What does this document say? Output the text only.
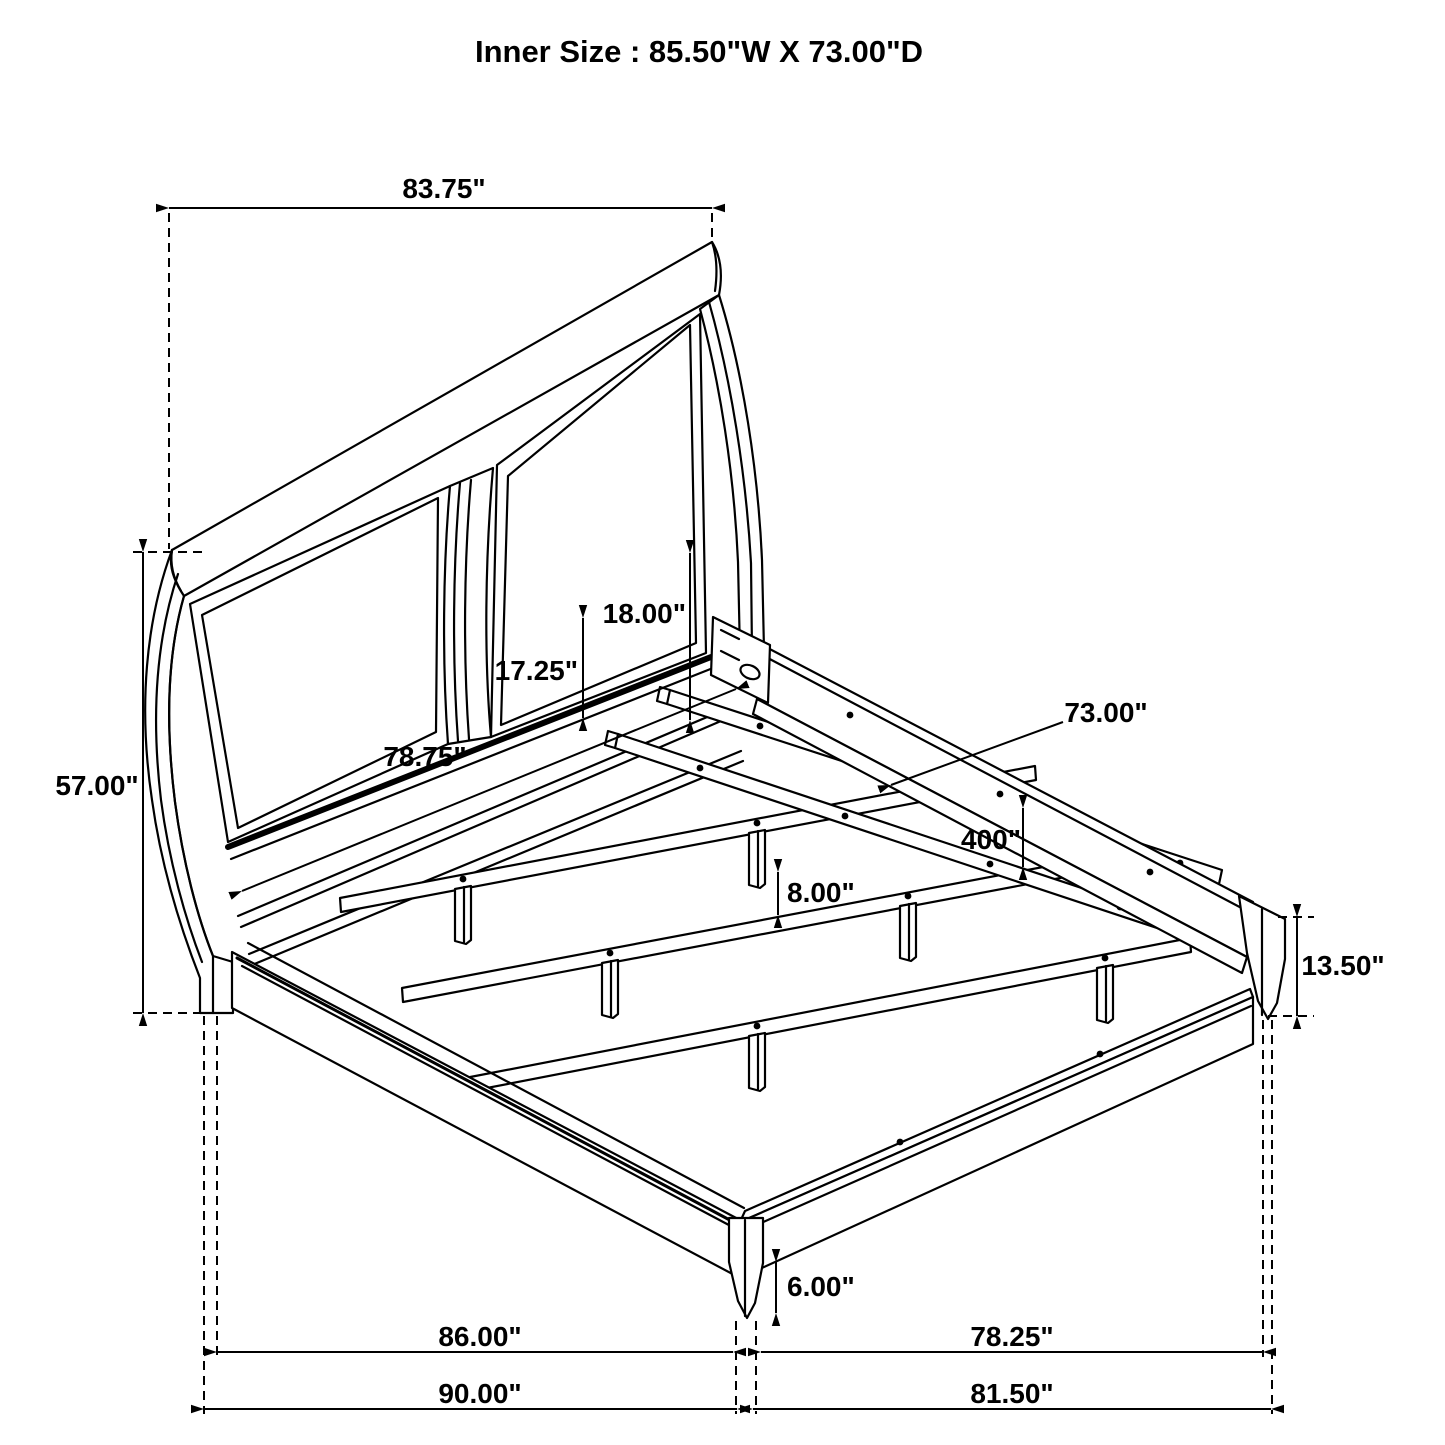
83.75"
57.00"
18.00"
17.25"
78.75"
73.00"
400"
8.00"
13.50"
6.00"
86.00"	78.25"
90.00"	81.50"
Inner Size : 85.50"W X 73.00"D
